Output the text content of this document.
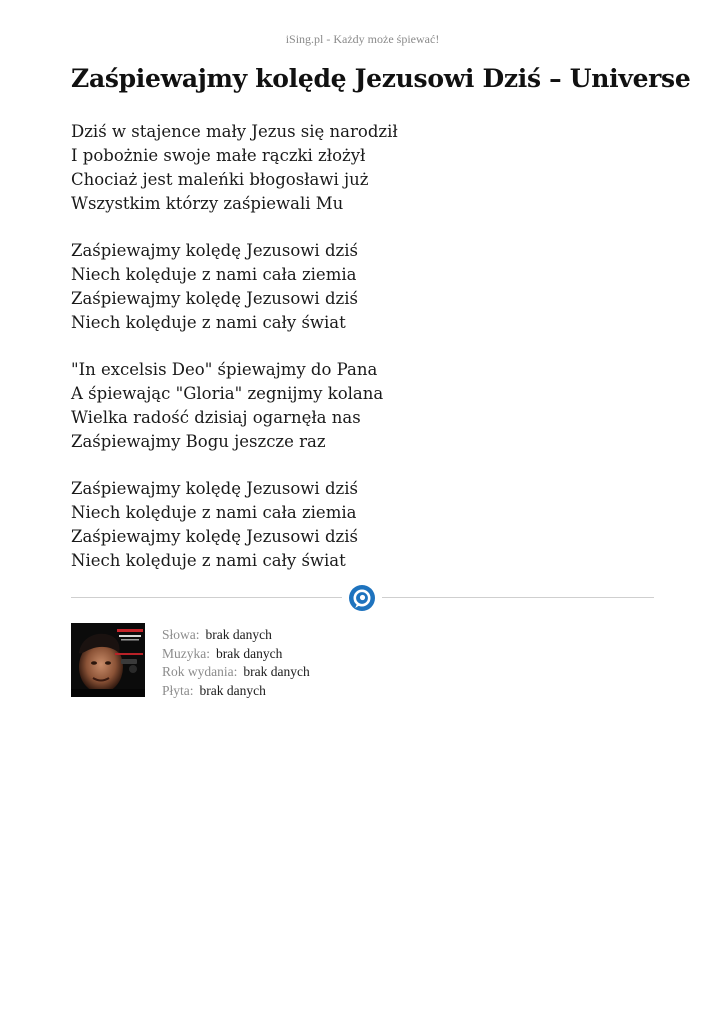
iSing.pl - Każdy może śpiewać!
Zaśpiewajmy kolędę Jezusowi Dziś – Universe
Dziś w stajence mały Jezus się narodził
I pobożnie swoje małe rączki złożył
Chociaż jest maleńki błogosławi już
Wszystkim którzy zaśpiewali Mu
Zaśpiewajmy kolędę Jezusowi dziś
Niech kolęduje z nami cała ziemia
Zaśpiewajmy kolędę Jezusowi dziś
Niech kolęduje z nami cały świat
"In excelsis Deo" śpiewajmy do Pana
A śpiewając "Gloria" zegnijmy kolana
Wielka radość dzisiaj ogarnęła nas
Zaśpiewajmy Bogu jeszcze raz
Zaśpiewajmy kolędę Jezusowi dziś
Niech kolęduje z nami cała ziemia
Zaśpiewajmy kolędę Jezusowi dziś
Niech kolęduje z nami cały świat
Słowa: brak danych
Muzyka: brak danych
Rok wydania: brak danych
Płyta: brak danych
